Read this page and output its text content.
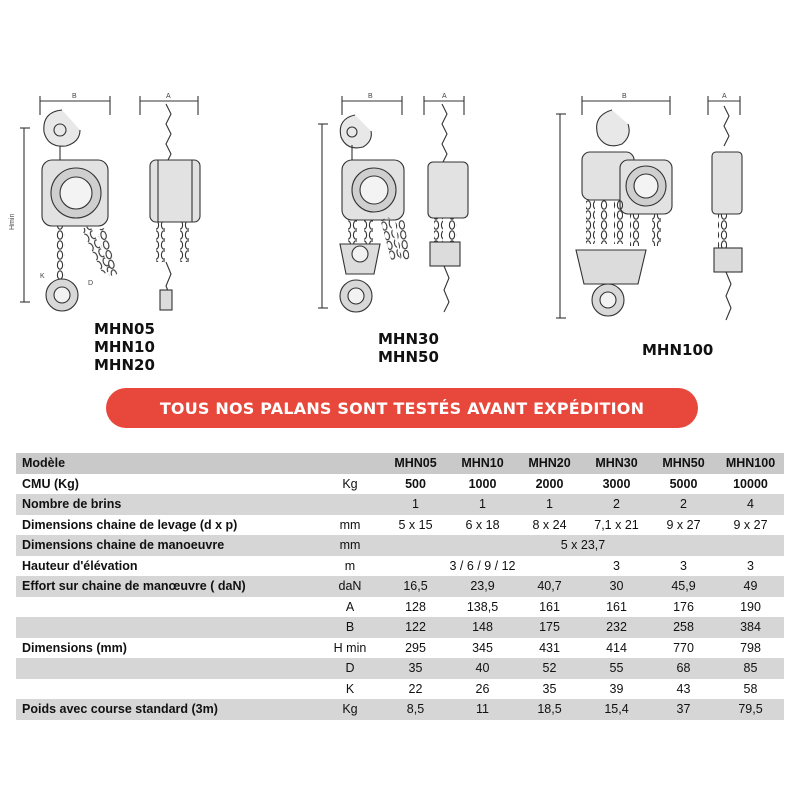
B
Hmin
D
K
A	B	A	B	A
MHN05
MHN10
MHN20
MHN30
MHN50	MHN100
TOUS NOS PALANS SONT TESTÉS AVANT EXPÉDITION
Modèle		MHN05	MHN10	MHN20	MHN30	MHN50	MHN100
CMU (Kg)	Kg	500	1000	2000	3000	5000	10000
Nombre de brins		1	1	1	2	2	4
Dimensions chaine de levage (d x p)	mm	5 x 15	6 x 18	8 x 24	7,1 x 21	9 x 27	9 x 27
Dimensions chaine de manoeuvre	mm	5 x 23,7					
Hauteur d'élévation	m	3 / 6 / 9 / 12			3	3	3
Effort sur chaine de manœuvre ( daN)	daN	16,5	23,9	40,7	30	45,9	49
	A	128	138,5	161	161	176	190
	B	122	148	175	232	258	384
Dimensions (mm)	H min	295	345	431	414	770	798
	D	35	40	52	55	68	85
	K	22	26	35	39	43	58
Poids avec course standard (3m)	Kg	8,5	11	18,5	15,4	37	79,5
